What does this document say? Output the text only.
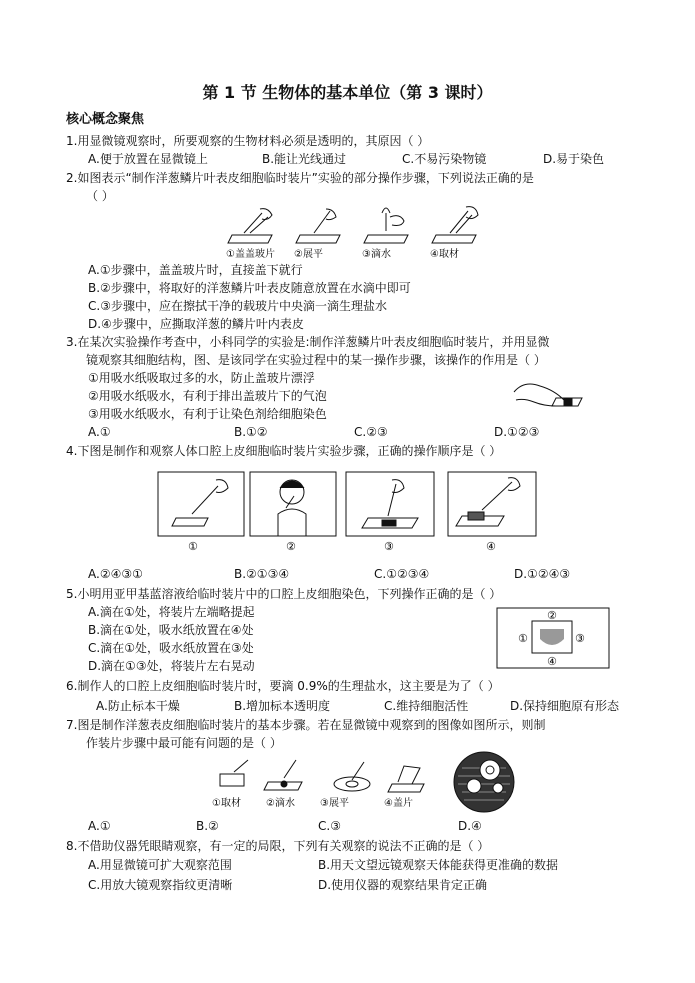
第 1 节 生物体的基本单位（第 3 课时）
核心概念聚焦
1.用显微镜观察时，所要观察的生物材料必须是透明的，其原因（ ）
A.便于放置在显微镜上	B.能让光线通过	C.不易污染物镜	D.易于染色
2.如图表示“制作洋葱鳞片叶表皮细胞临时装片”实验的部分操作步骤，下列说法正确的是
（ ）
①盖盖玻片 ②展平	③滴水	④取材
A.①步骤中，盖盖玻片时，直接盖下就行
B.②步骤中，将取好的洋葱鳞片叶表皮随意放置在水滴中即可
C.③步骤中，应在擦拭干净的载玻片中央滴一滴生理盐水
D.④步骤中，应撕取洋葱的鳞片叶内表皮
3.在某次实验操作考查中，小科同学的实验是:制作洋葱鳞片叶表皮细胞临时装片，并用显微
镜观察其细胞结构，图、是该同学在实验过程中的某一操作步骤，该操作的作用是（ ）
①用吸水纸吸取过多的水，防止盖玻片漂浮
②用吸水纸吸水，有利于排出盖玻片下的气泡
③用吸水纸吸水，有利于让染色剂给细胞染色
A.①	B.①②	C.②③	D.①②③
4.下图是制作和观察人体口腔上皮细胞临时装片实验步骤，正确的操作顺序是（ ）
①	②	③	④
A.②④③①	B.②①③④	C.①②③④	D.①②④③
5.小明用亚甲基蓝溶液给临时装片中的口腔上皮细胞染色，下列操作正确的是（ ）
A.滴在①处，将装片左端略提起
B.滴在①处，吸水纸放置在④处
C.滴在①处，吸水纸放置在③处
D.滴在①③处，将装片左右晃动
②
①	③
④
6.制作人的口腔上皮细胞临时装片时，要滴 0.9%的生理盐水，这主要是为了（ ）
A.防止标本干燥	B.增加标本透明度	C.维持细胞活性	D.保持细胞原有形态
7.图是制作洋葱表皮细胞临时装片的基本步骤。若在显微镜中观察到的图像如图所示，则制
作装片步骤中最可能有问题的是（ ）
①取材	②滴水	③展平	④盖片
A.①	B.②	C.③	D.④
8.不借助仪器凭眼睛观察，有一定的局限，下列有关观察的说法不正确的是（ ）
A.用显微镜可扩大观察范围	B.用天文望远镜观察天体能获得更准确的数据
C.用放大镜观察指纹更清晰	D.使用仪器的观察结果肯定正确
